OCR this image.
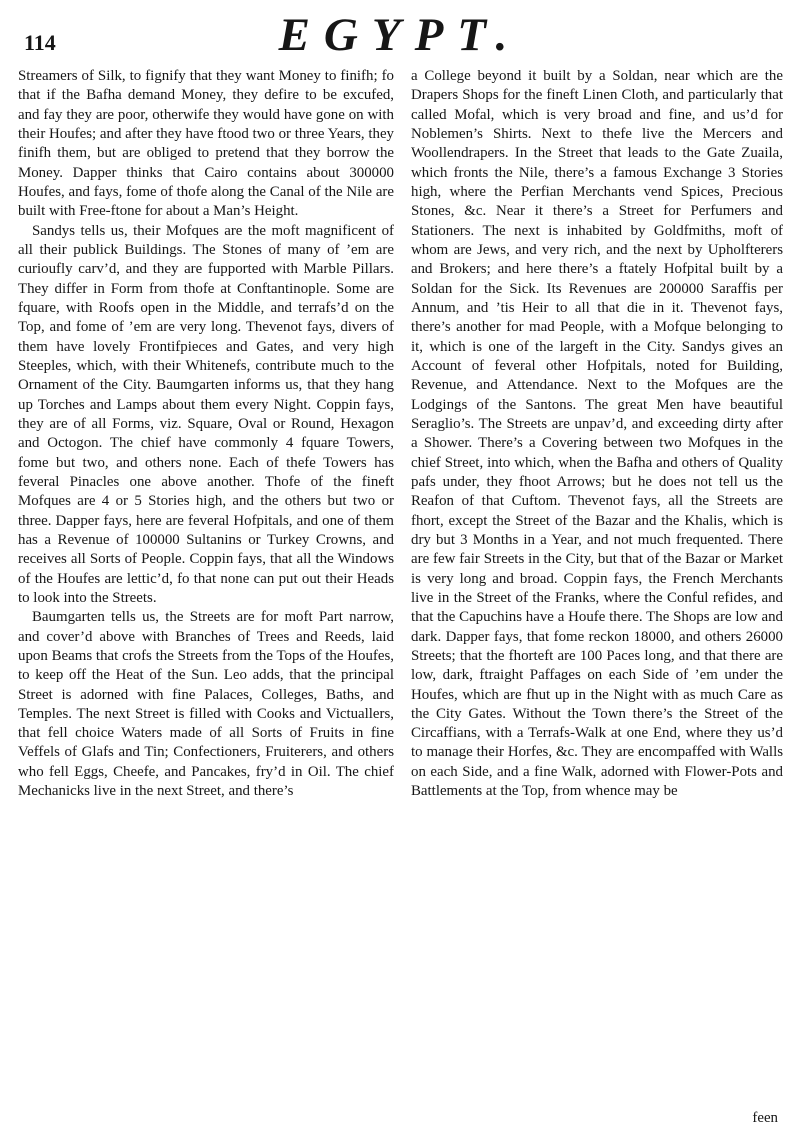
114	EGYPT.

Streamers of Silk, to fignify that they want Money to finifh; fo that if the Bafha demand Money, they defire to be excufed, and fay they are poor, otherwife they would have gone on with their Houfes; and after they have ftood two or three Years, they finifh them, but are obliged to pretend that they borrow the Money. Dapper thinks that Cairo contains about 300000 Houfes, and fays, fome of thofe along the Canal of the Nile are built with Free-ftone for about a Man’s Height.

Sandys tells us, their Mofques are the moft magnificent of all their publick Buildings. The Stones of many of ’em are curioufly carv’d, and they are fupported with Marble Pillars. They differ in Form from thofe at Conftantinople. Some are fquare, with Roofs open in the Middle, and terrafs’d on the Top, and fome of ’em are very long. Thevenot fays, divers of them have lovely Frontifpieces and Gates, and very high Steeples, which, with their Whitenefs, contribute much to the Ornament of the City. Baumgarten informs us, that they hang up Torches and Lamps about them every Night. Coppin fays, they are of all Forms, viz. Square, Oval or Round, Hexagon and Octogon. The chief have commonly 4 fquare Towers, fome but two, and others none. Each of thefe Towers has feveral Pinacles one above another. Thofe of the fineft Mofques are 4 or 5 Stories high, and the others but two or three. Dapper fays, here are feveral Hofpitals, and one of them has a Revenue of 100000 Sultanins or Turkey Crowns, and receives all Sorts of People. Coppin fays, that all the Windows of the Houfes are lettic’d, fo that none can put out their Heads to look into the Streets.

Baumgarten tells us, the Streets are for moft Part narrow, and cover’d above with Branches of Trees and Reeds, laid upon Beams that crofs the Streets from the Tops of the Houfes, to keep off the Heat of the Sun. Leo adds, that the principal Street is adorned with fine Palaces, Colleges, Baths, and Temples. The next Street is filled with Cooks and Victuallers, that fell choice Waters made of all Sorts of Fruits in fine Veffels of Glafs and Tin; Confectioners, Fruiterers, and others who fell Eggs, Cheefe, and Pancakes, fry’d in Oil. The chief Mechanicks live in the next Street, and there’s

a College beyond it built by a Soldan, near which are the Drapers Shops for the fineft Linen Cloth, and particularly that called Mofal, which is very broad and fine, and us’d for Noblemen’s Shirts. Next to thefe live the Mercers and Woollendrapers. In the Street that leads to the Gate Zuaila, which fronts the Nile, there’s a famous Exchange 3 Stories high, where the Perfian Merchants vend Spices, Precious Stones, &c. Near it there’s a Street for Perfumers and Stationers. The next is inhabited by Goldfmiths, moft of whom are Jews, and very rich, and the next by Upholfterers and Brokers; and here there’s a ftately Hofpital built by a Soldan for the Sick. Its Revenues are 200000 Saraffis per Annum, and ’tis Heir to all that die in it. Thevenot fays, there’s another for mad People, with a Mofque belonging to it, which is one of the largeft in the City. Sandys gives an Account of feveral other Hofpitals, noted for Building, Revenue, and Attendance. Next to the Mofques are the Lodgings of the Santons. The great Men have beautiful Seraglio’s. The Streets are unpav’d, and exceeding dirty after a Shower. There’s a Covering between two Mofques in the chief Street, into which, when the Bafha and others of Quality pafs under, they fhoot Arrows; but he does not tell us the Reafon of that Cuftom. Thevenot fays, all the Streets are fhort, except the Street of the Bazar and the Khalis, which is dry but 3 Months in a Year, and not much frequented. There are few fair Streets in the City, but that of the Bazar or Market is very long and broad. Coppin fays, the French Merchants live in the Street of the Franks, where the Conful refides, and that the Capuchins have a Houfe there. The Shops are low and dark. Dapper fays, that fome reckon 18000, and others 26000 Streets; that the fhorteft are 100 Paces long, and that there are low, dark, ftraight Paffages on each Side of ’em under the Houfes, which are fhut up in the Night with as much Care as the City Gates. Without the Town there’s the Street of the Circaffians, with a Terrafs-Walk at one End, where they us’d to manage their Horfes, &c. They are encompaffed with Walls on each Side, and a fine Walk, adorned with Flower-Pots and Battlements at the Top, from whence may be

feen
